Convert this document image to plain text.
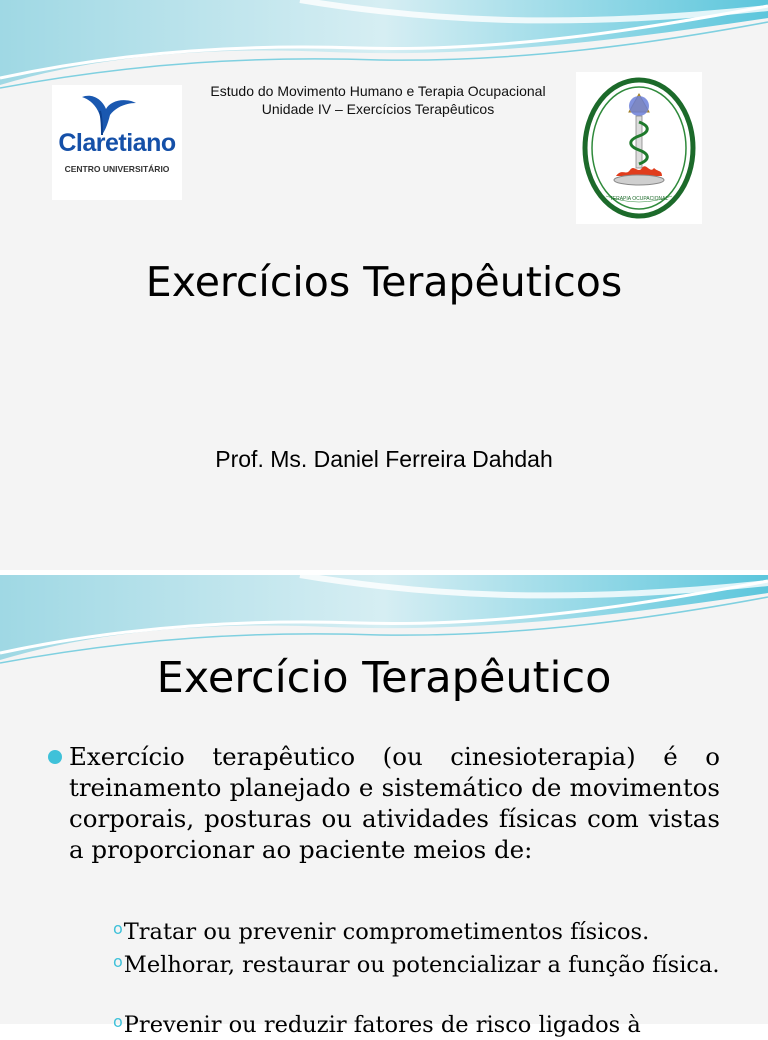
Estudo do Movimento Humano e Terapia Ocupacional
Unidade IV – Exercícios Terapêuticos
Claretiano
CENTRO UNIVERSITÁRIO
TERAPIA OCUPACIONAL
Exercícios Terapêuticos
Prof. Ms. Daniel Ferreira Dahdah
Exercício Terapêutico
Exercício terapêutico (ou cinesioterapia) é o treinamento planejado e sistemático de movimentos corporais, posturas ou atividades físicas com vistas a proporcionar ao paciente meios de:
$^o$Tratar ou prevenir comprometimentos físicos.
$^o$Melhorar, restaurar ou potencializar a função física.
$^o$Prevenir ou reduzir fatores de risco ligados à
